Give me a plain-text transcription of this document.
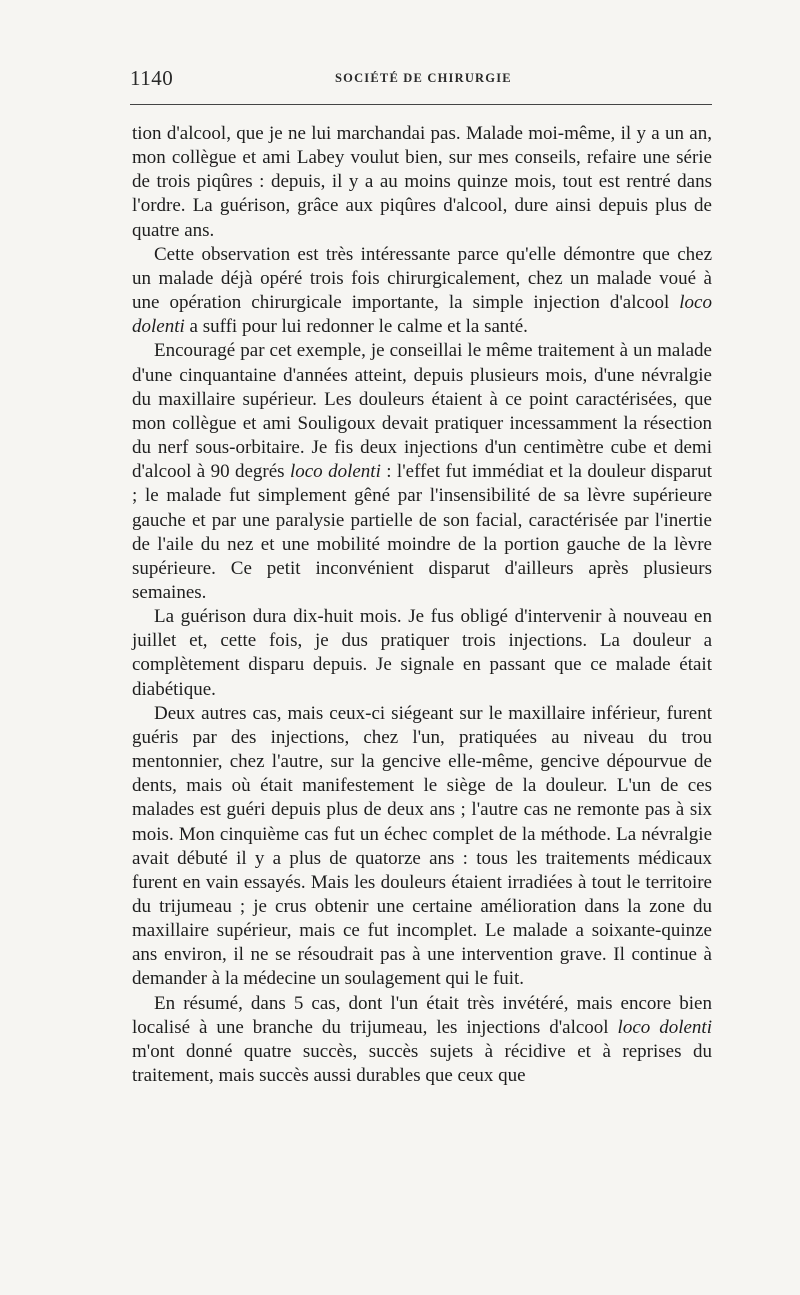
1140	SOCIÉTÉ DE CHIRURGIE

tion d'alcool, que je ne lui marchandai pas. Malade moi-même, il y a un an, mon collègue et ami Labey voulut bien, sur mes conseils, refaire une série de trois piqûres : depuis, il y a au moins quinze mois, tout est rentré dans l'ordre. La guérison, grâce aux piqûres d'alcool, dure ainsi depuis plus de quatre ans.

Cette observation est très intéressante parce qu'elle démontre que chez un malade déjà opéré trois fois chirurgicalement, chez un malade voué à une opération chirurgicale importante, la simple injection d'alcool loco dolenti a suffi pour lui redonner le calme et la santé.

Encouragé par cet exemple, je conseillai le même traitement à un malade d'une cinquantaine d'années atteint, depuis plusieurs mois, d'une névralgie du maxillaire supérieur. Les douleurs étaient à ce point caractérisées, que mon collègue et ami Souligoux devait pratiquer incessamment la résection du nerf sous-orbitaire. Je fis deux injections d'un centimètre cube et demi d'alcool à 90 degrés loco dolenti : l'effet fut immédiat et la douleur disparut ; le malade fut simplement gêné par l'insensibilité de sa lèvre supérieure gauche et par une paralysie partielle de son facial, caractérisée par l'inertie de l'aile du nez et une mobilité moindre de la portion gauche de la lèvre supérieure. Ce petit inconvénient disparut d'ailleurs après plusieurs semaines.

La guérison dura dix-huit mois. Je fus obligé d'intervenir à nouveau en juillet et, cette fois, je dus pratiquer trois injections. La douleur a complètement disparu depuis. Je signale en passant que ce malade était diabétique.

Deux autres cas, mais ceux-ci siégeant sur le maxillaire inférieur, furent guéris par des injections, chez l'un, pratiquées au niveau du trou mentonnier, chez l'autre, sur la gencive elle-même, gencive dépourvue de dents, mais où était manifestement le siège de la douleur. L'un de ces malades est guéri depuis plus de deux ans ; l'autre cas ne remonte pas à six mois. Mon cinquième cas fut un échec complet de la méthode. La névralgie avait débuté il y a plus de quatorze ans : tous les traitements médicaux furent en vain essayés. Mais les douleurs étaient irradiées à tout le territoire du trijumeau ; je crus obtenir une certaine amélioration dans la zone du maxillaire supérieur, mais ce fut incomplet. Le malade a soixante-quinze ans environ, il ne se résoudrait pas à une intervention grave. Il continue à demander à la médecine un soulagement qui le fuit.

En résumé, dans 5 cas, dont l'un était très invétéré, mais encore bien localisé à une branche du trijumeau, les injections d'alcool loco dolenti m'ont donné quatre succès, succès sujets à récidive et à reprises du traitement, mais succès aussi durables que ceux que
